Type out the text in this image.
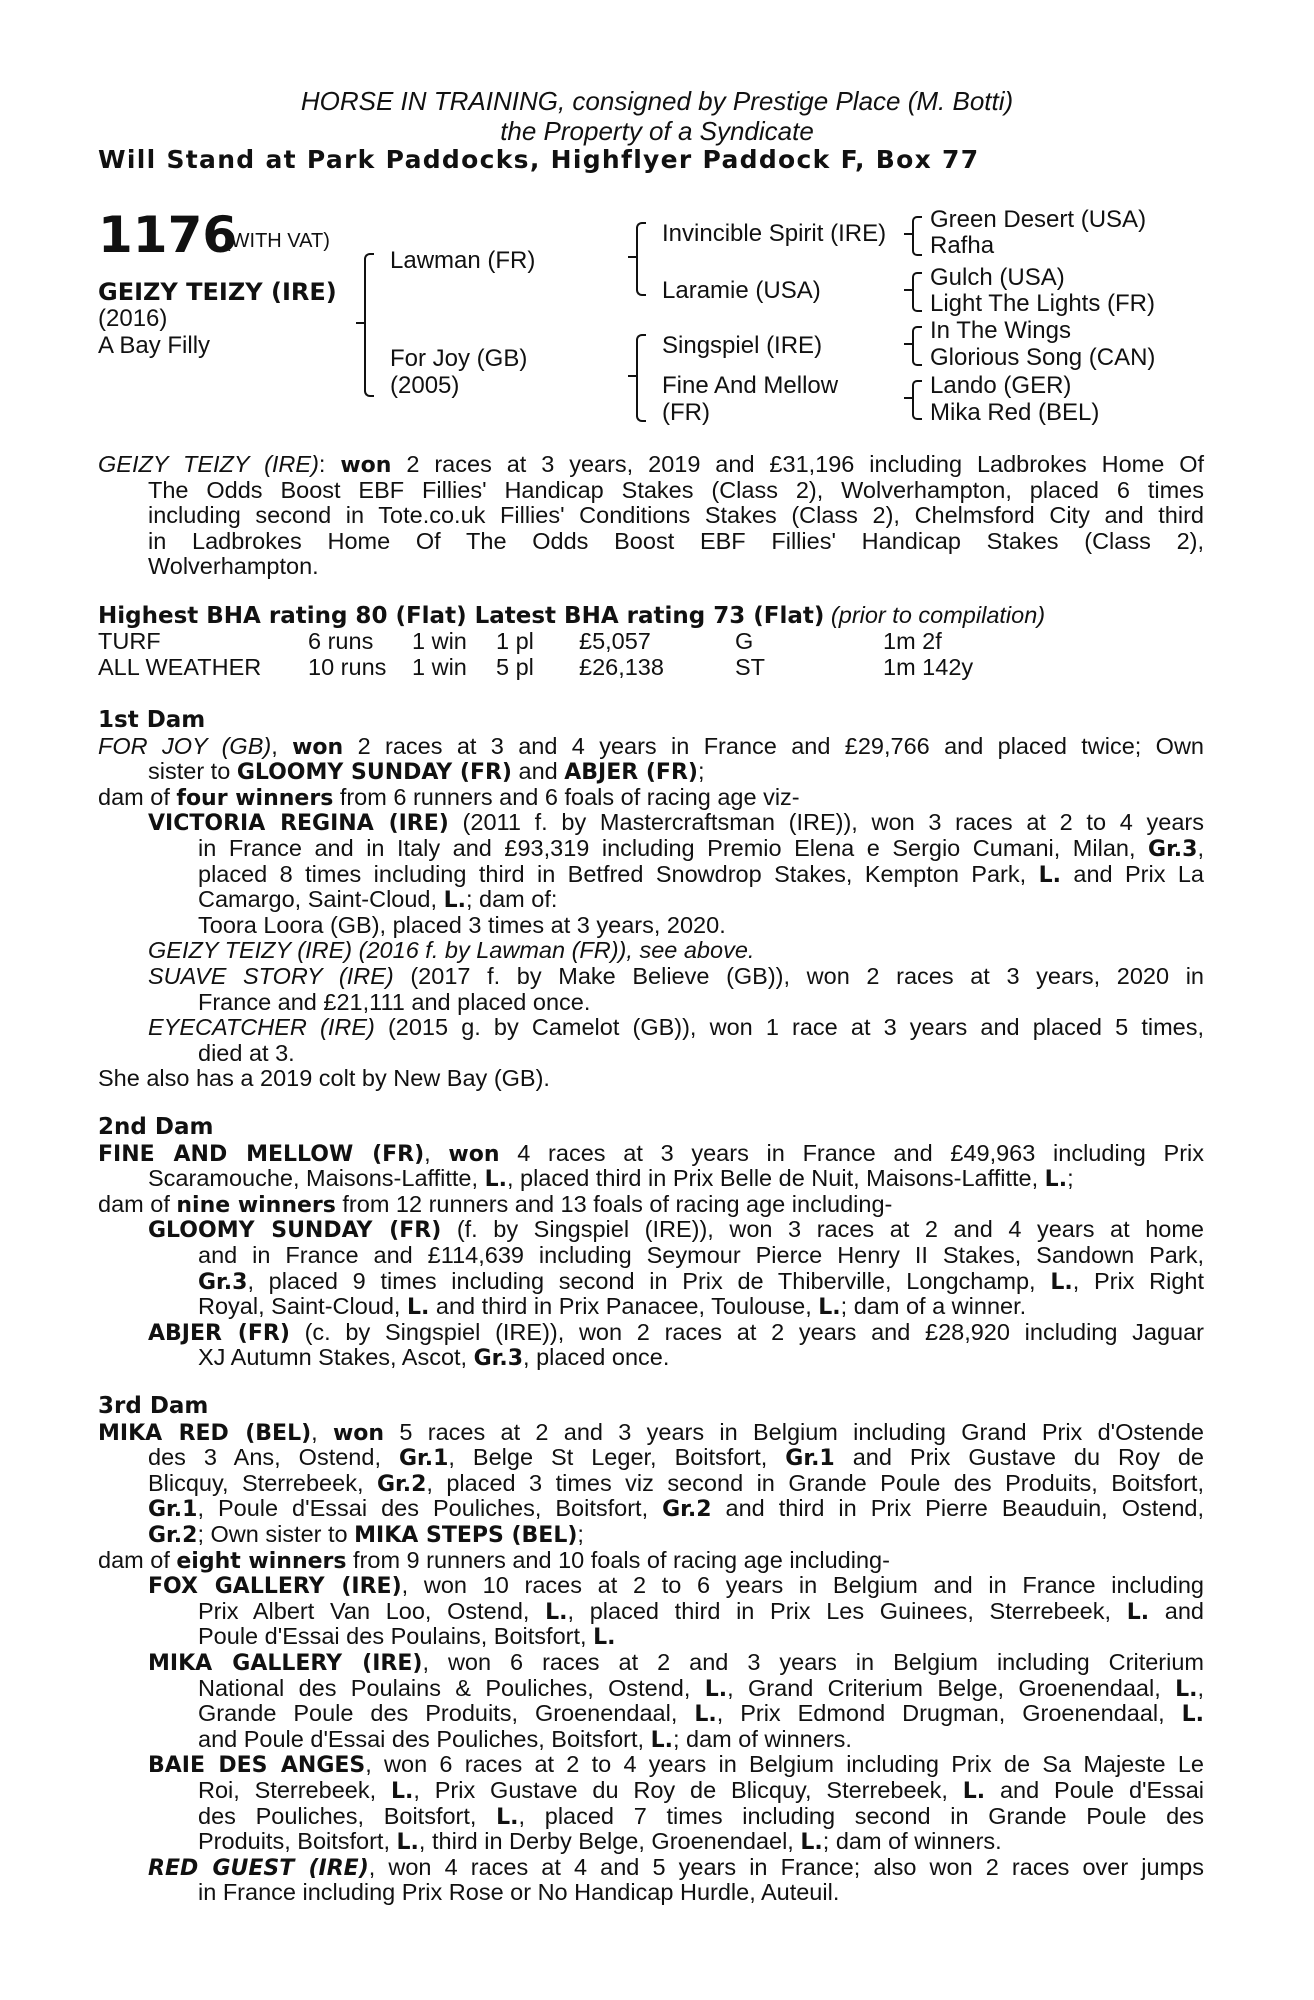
HORSE IN TRAINING, consigned by Prestige Place (M. Botti)
the Property of a Syndicate
Will Stand at Park Paddocks, Highflyer Paddock F, Box 77
1176
(WITH VAT)
GEIZY TEIZY (IRE)
(2016)
A Bay Filly
Lawman (FR)
For Joy (GB)
(2005)
Invincible Spirit (IRE)
Laramie (USA)
Singspiel (IRE)
Fine And Mellow
(FR)
Green Desert (USA)
Rafha
Gulch (USA)
Light The Lights (FR)
In The Wings
Glorious Song (CAN)
Lando (GER)
Mika Red (BEL)
GEIZY TEIZY (IRE): won 2 races at 3 years, 2019 and £31,196 including Ladbrokes Home Of
The Odds Boost EBF Fillies' Handicap Stakes (Class 2), Wolverhampton, placed 6 times
including second in Tote.co.uk Fillies' Conditions Stakes (Class 2), Chelmsford City and third
in Ladbrokes Home Of The Odds Boost EBF Fillies' Handicap Stakes (Class 2),
Wolverhampton.
Highest BHA rating 80 (Flat) Latest BHA rating 73 (Flat) (prior to compilation)
TURF	6 runs 1 win 1 pl £5,057	G	1m 2f
ALL WEATHER 10 runs 1 win 5 pl £26,138	ST	1m 142y
1st Dam
FOR JOY (GB), won 2 races at 3 and 4 years in France and £29,766 and placed twice; Own
sister to GLOOMY SUNDAY (FR) and ABJER (FR);
dam of four winners from 6 runners and 6 foals of racing age viz-
VICTORIA REGINA (IRE) (2011 f. by Mastercraftsman (IRE)), won 3 races at 2 to 4 years
in France and in Italy and £93,319 including Premio Elena e Sergio Cumani, Milan, Gr.3,
placed 8 times including third in Betfred Snowdrop Stakes, Kempton Park, L. and Prix La
Camargo, Saint-Cloud, L.; dam of:
Toora Loora (GB), placed 3 times at 3 years, 2020.
GEIZY TEIZY (IRE) (2016 f. by Lawman (FR)), see above.
SUAVE STORY (IRE) (2017 f. by Make Believe (GB)), won 2 races at 3 years, 2020 in
France and £21,111 and placed once.
EYECATCHER (IRE) (2015 g. by Camelot (GB)), won 1 race at 3 years and placed 5 times,
died at 3.
She also has a 2019 colt by New Bay (GB).
2nd Dam
FINE AND MELLOW (FR), won 4 races at 3 years in France and £49,963 including Prix
Scaramouche, Maisons-Laffitte, L., placed third in Prix Belle de Nuit, Maisons-Laffitte, L.;
dam of nine winners from 12 runners and 13 foals of racing age including-
GLOOMY SUNDAY (FR) (f. by Singspiel (IRE)), won 3 races at 2 and 4 years at home
and in France and £114,639 including Seymour Pierce Henry II Stakes, Sandown Park,
Gr.3, placed 9 times including second in Prix de Thiberville, Longchamp, L., Prix Right
Royal, Saint-Cloud, L. and third in Prix Panacee, Toulouse, L.; dam of a winner.
ABJER (FR) (c. by Singspiel (IRE)), won 2 races at 2 years and £28,920 including Jaguar
XJ Autumn Stakes, Ascot, Gr.3, placed once.
3rd Dam
MIKA RED (BEL), won 5 races at 2 and 3 years in Belgium including Grand Prix d'Ostende
des 3 Ans, Ostend, Gr.1, Belge St Leger, Boitsfort, Gr.1 and Prix Gustave du Roy de
Blicquy, Sterrebeek, Gr.2, placed 3 times viz second in Grande Poule des Produits, Boitsfort,
Gr.1, Poule d'Essai des Pouliches, Boitsfort, Gr.2 and third in Prix Pierre Beauduin, Ostend,
Gr.2; Own sister to MIKA STEPS (BEL);
dam of eight winners from 9 runners and 10 foals of racing age including-
FOX GALLERY (IRE), won 10 races at 2 to 6 years in Belgium and in France including
Prix Albert Van Loo, Ostend, L., placed third in Prix Les Guinees, Sterrebeek, L. and
Poule d'Essai des Poulains, Boitsfort, L.
MIKA GALLERY (IRE), won 6 races at 2 and 3 years in Belgium including Criterium
National des Poulains & Pouliches, Ostend, L., Grand Criterium Belge, Groenendaal, L.,
Grande Poule des Produits, Groenendaal, L., Prix Edmond Drugman, Groenendaal, L.
and Poule d'Essai des Pouliches, Boitsfort, L.; dam of winners.
BAIE DES ANGES, won 6 races at 2 to 4 years in Belgium including Prix de Sa Majeste Le
Roi, Sterrebeek, L., Prix Gustave du Roy de Blicquy, Sterrebeek, L. and Poule d'Essai
des Pouliches, Boitsfort, L., placed 7 times including second in Grande Poule des
Produits, Boitsfort, L., third in Derby Belge, Groenendael, L.; dam of winners.
RED GUEST (IRE), won 4 races at 4 and 5 years in France; also won 2 races over jumps
in France including Prix Rose or No Handicap Hurdle, Auteuil.
